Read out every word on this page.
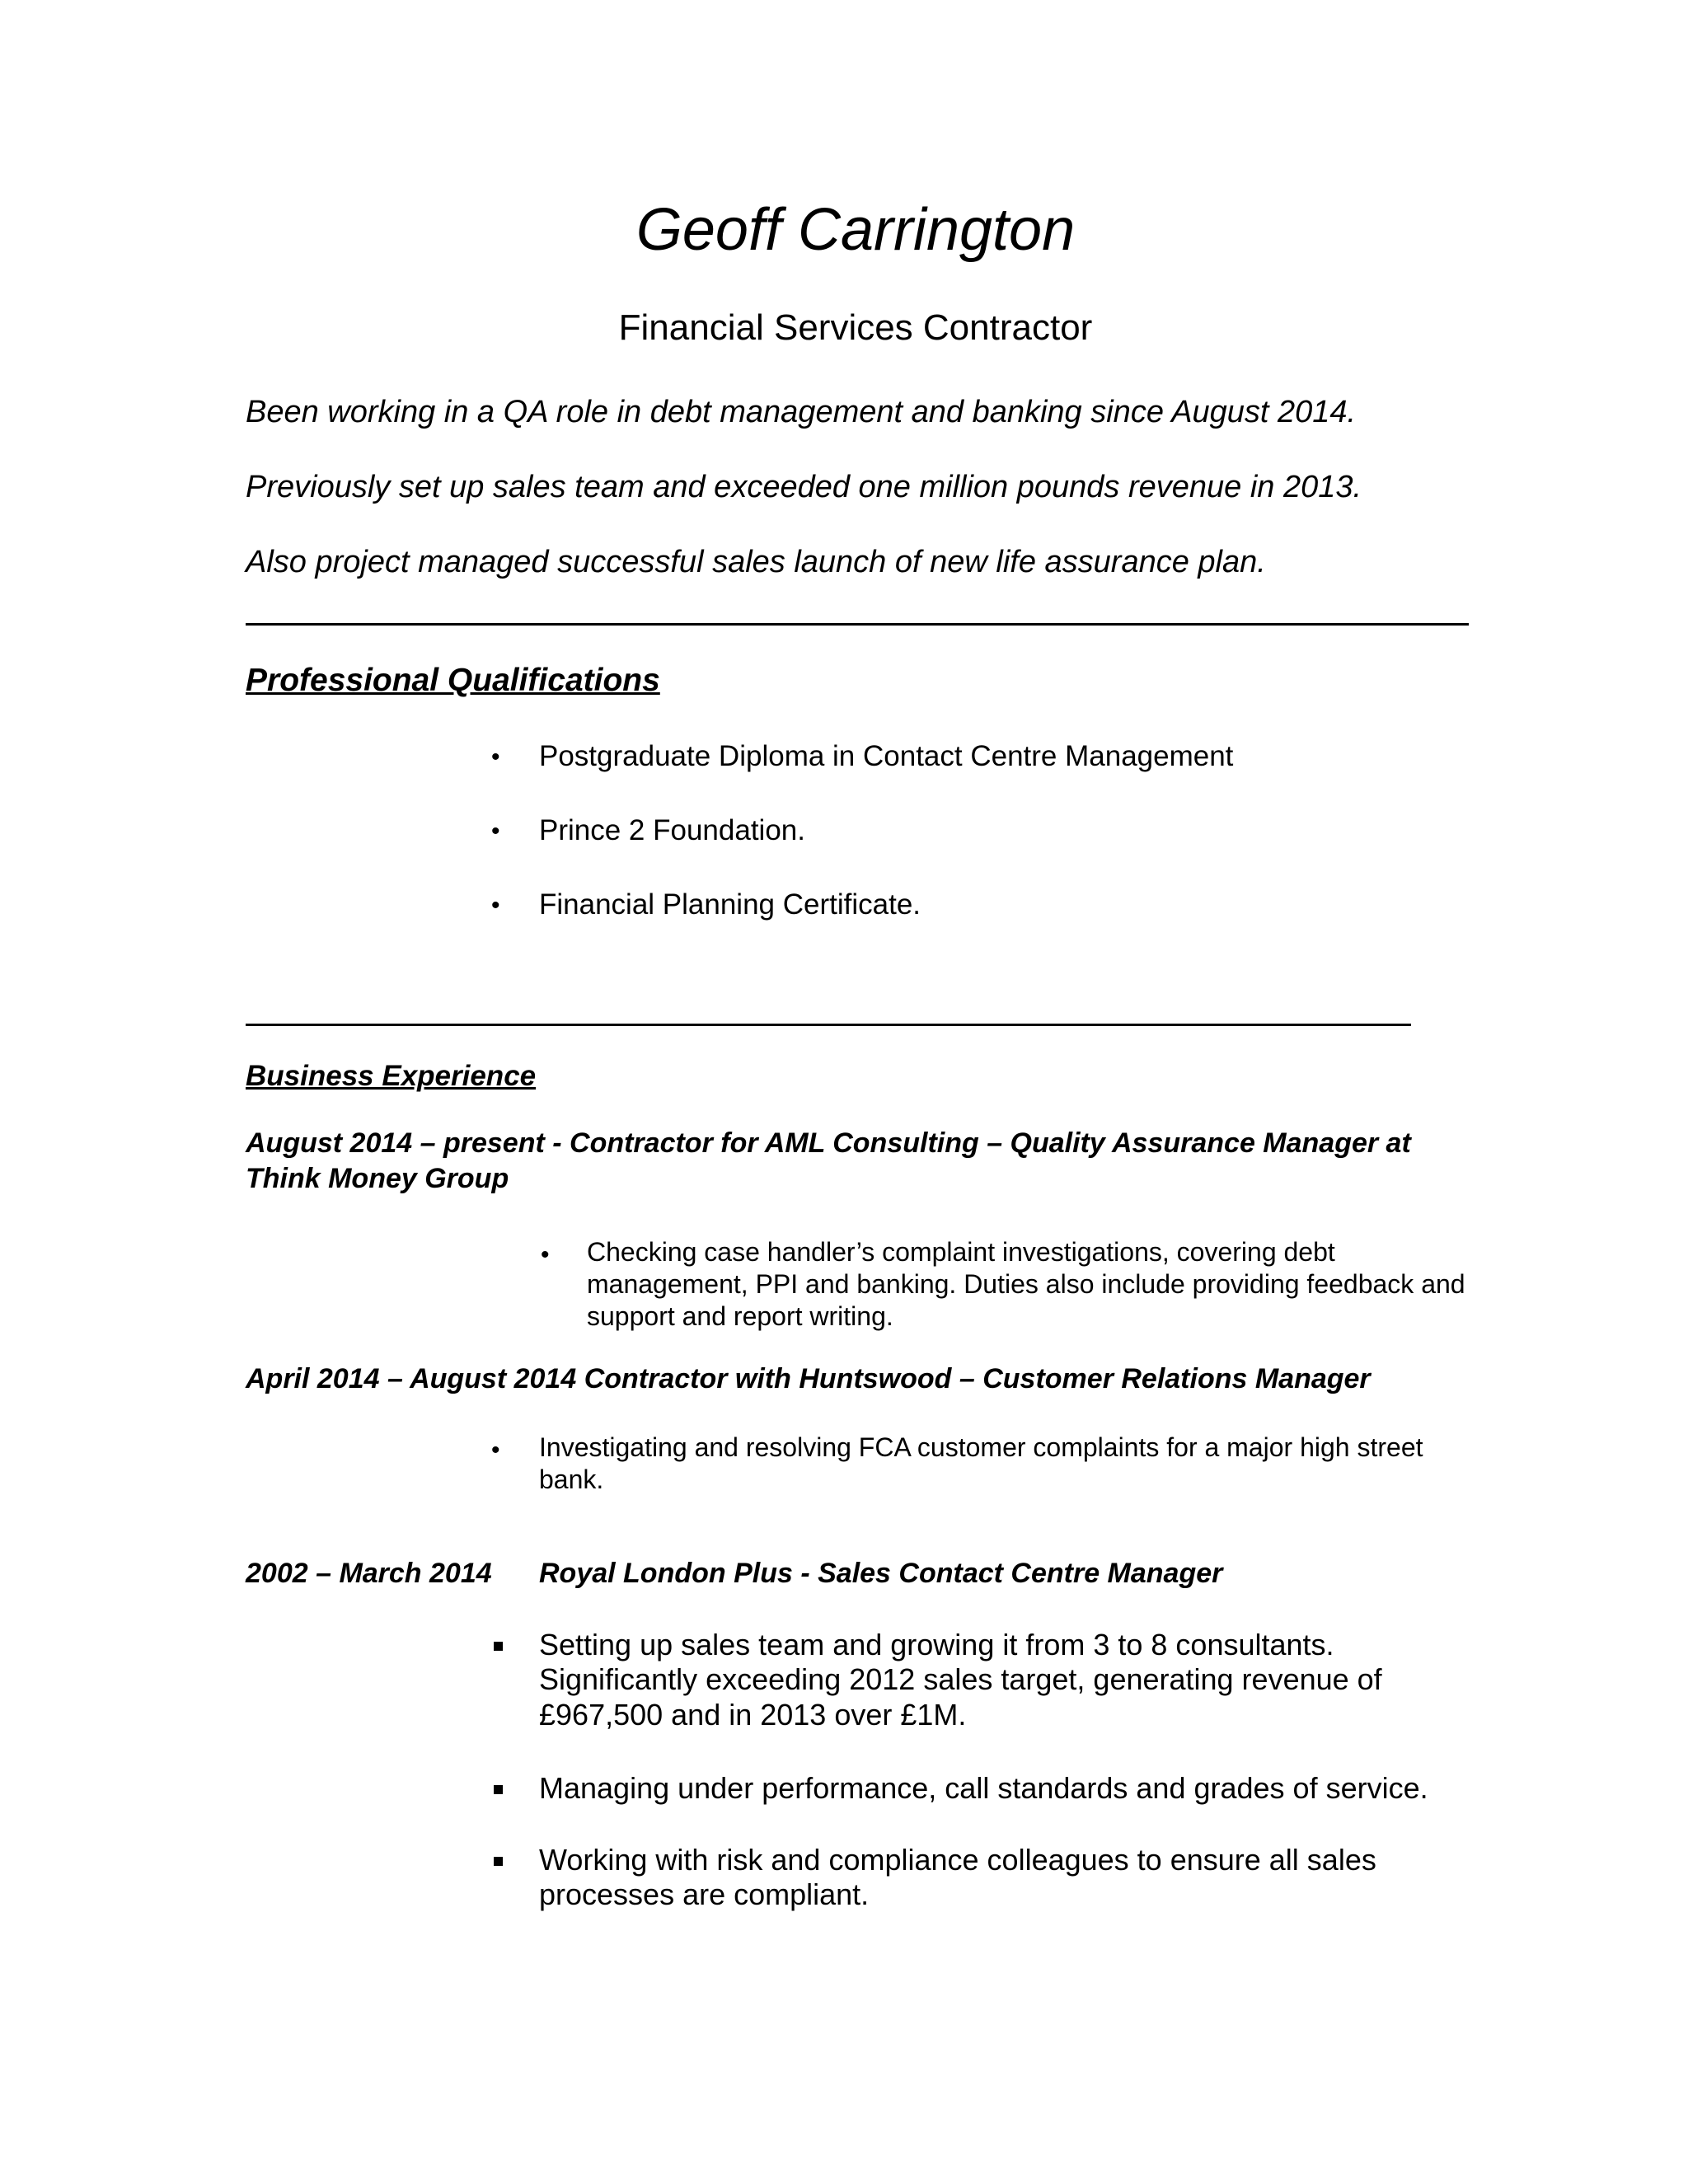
Geoff Carrington
Financial Services Contractor
Been working in a QA role in debt management and banking since August 2014.
Previously set up sales team and exceeded one million pounds revenue in 2013.
Also project managed successful sales launch of new life assurance plan.
Professional Qualifications
• Postgraduate Diploma in Contact Centre Management
• Prince 2 Foundation.
• Financial Planning Certificate.
Business Experience
August 2014 – present - Contractor for AML Consulting – Quality Assurance Manager at Think Money Group
• Checking case handler’s complaint investigations, covering debt management, PPI and banking. Duties also include providing feedback and support and report writing.
April 2014 – August 2014 Contractor with Huntswood – Customer Relations Manager
• Investigating and resolving FCA customer complaints for a major high street bank.
2002 – March 2014 Royal London Plus - Sales Contact Centre Manager
Setting up sales team and growing it from 3 to 8 consultants. Significantly exceeding 2012 sales target, generating revenue of £967,500 and in 2013 over £1M.
Managing under performance, call standards and grades of service.
Working with risk and compliance colleagues to ensure all sales processes are compliant.
